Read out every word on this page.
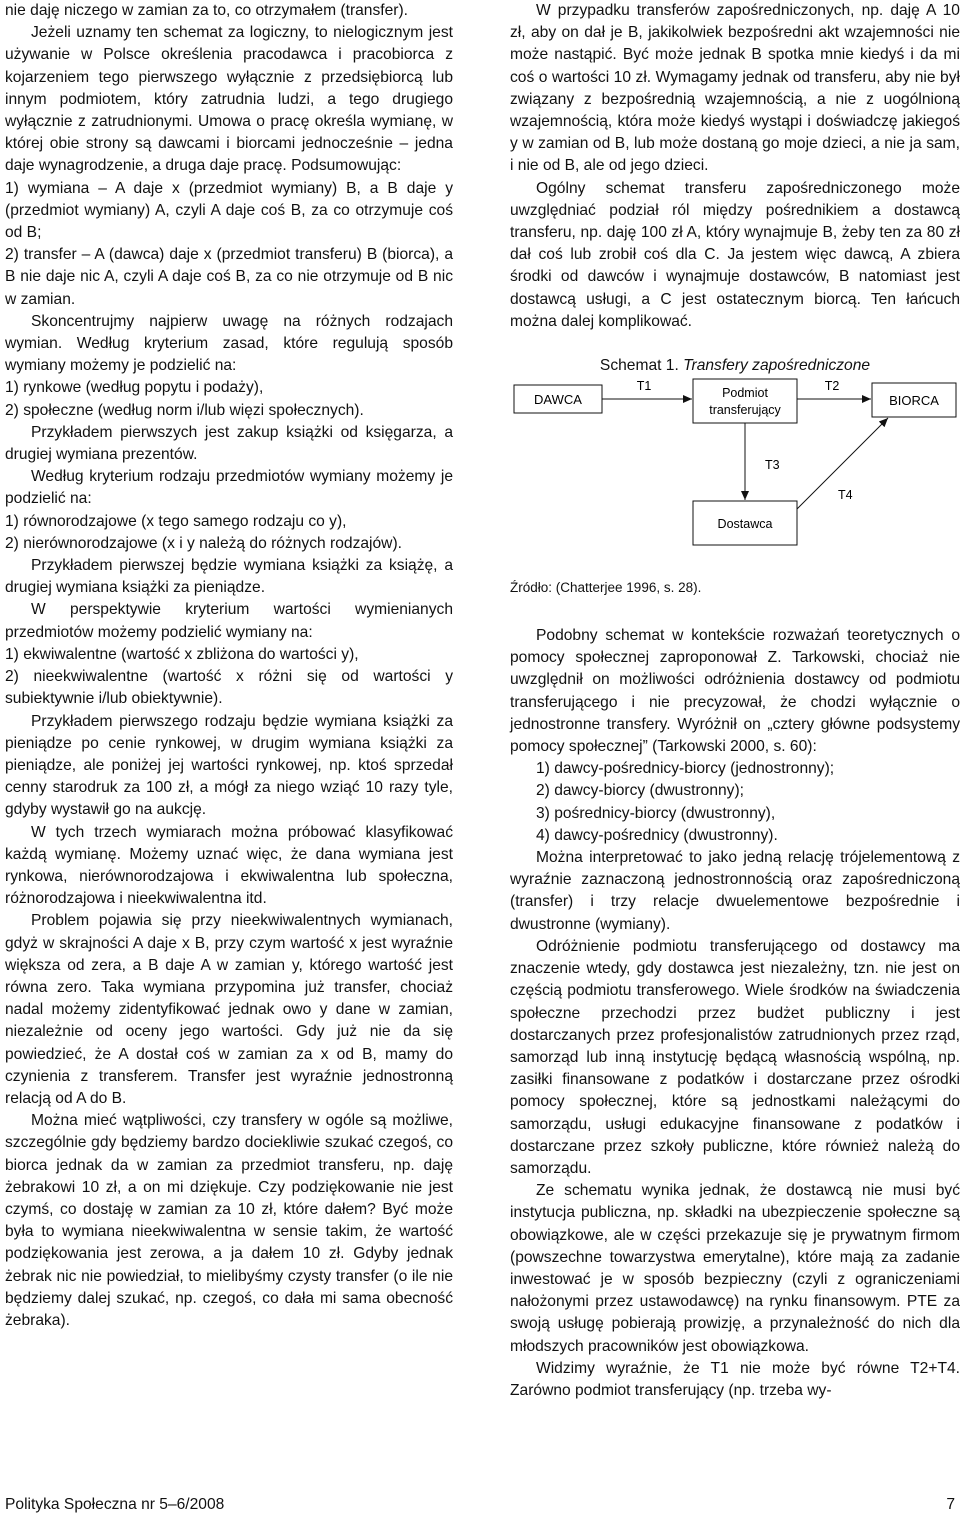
nie daję niczego w zamian za to, co otrzymałem (transfer).

Jeżeli uznamy ten schemat za logiczny, to nielogicznym jest używanie w Polsce określenia pracodawca i pracobiorca z kojarzeniem tego pierwszego wyłącznie z przedsiębiorcą lub innym podmiotem, który zatrudnia ludzi, a tego drugiego wyłącznie z zatrudnionymi. Umowa o pracę określa wymianę, w której obie strony są dawcami i biorcami jednocześnie – jedna daje wynagrodzenie, a druga daje pracę. Podsumowując:

1) wymiana – A daje x (przedmiot wymiany) B, a B daje y (przedmiot wymiany) A, czyli A daje coś B, za co otrzymuje coś od B;

2) transfer – A (dawca) daje x (przedmiot transferu) B (biorca), a B nie daje nic A, czyli A daje coś B, za co nie otrzymuje od B nic w zamian.

Skoncentrujmy najpierw uwagę na różnych rodzajach wymian. Według kryterium zasad, które regulują sposób wymiany możemy je podzielić na:

1) rynkowe (według popytu i podaży),

2) społeczne (według norm i/lub więzi społecznych).

Przykładem pierwszych jest zakup książki od księgarza, a drugiej wymiana prezentów.

Według kryterium rodzaju przedmiotów wymiany możemy je podzielić na:

1) równorodzajowe (x tego samego rodzaju co y),

2) nierównorodzajowe (x i y należą do różnych rodzajów).

Przykładem pierwszej będzie wymiana książki za książę, a drugiej wymiana książki za pieniądze.

W perspektywie kryterium wartości wymienianych przedmiotów możemy podzielić wymiany na:

1) ekwiwalentne (wartość x zbliżona do wartości y),

2) nieekwiwalentne (wartość x różni się od wartości y subiektywnie i/lub obiektywnie).

Przykładem pierwszego rodzaju będzie wymiana książki za pieniądze po cenie rynkowej, w drugim wymiana książki za pieniądze, ale poniżej jej wartości rynkowej, np. ktoś sprzedał cenny starodruk za 100 zł, a mógł za niego wziąć 10 razy tyle, gdyby wystawił go na aukcję.

W tych trzech wymiarach można próbować klasyfikować każdą wymianę. Możemy uznać więc, że dana wymiana jest rynkowa, nierównorodzajowa i ekwiwalentna lub społeczna, różnorodzajowa i nieekwiwalentna itd.

Problem pojawia się przy nieekwiwalentnych wymianach, gdyż w skrajności A daje x B, przy czym wartość x jest wyraźnie większa od zera, a B daje A w zamian y, którego wartość jest równa zero. Taka wymiana przypomina już transfer, chociaż nadal możemy zidentyfikować jednak owo y dane w zamian, niezależnie od oceny jego wartości. Gdy już nie da się powiedzieć, że A dostał coś w zamian za x od B, mamy do czynienia z transferem. Transfer jest wyraźnie jednostronną relacją od A do B.

Można mieć wątpliwości, czy transfery w ogóle są możliwe, szczególnie gdy będziemy bardzo dociekliwie szukać czegoś, co biorca jednak da w zamian za przedmiot transferu, np. daję żebrakowi 10 zł, a on mi dziękuje. Czy podziękowanie nie jest czymś, co dostaję w zamian za 10 zł, które dałem? Być może była to wymiana nieekwiwalentna w sensie takim, że wartość podziękowania jest zerowa, a ja dałem 10 zł. Gdyby jednak żebrak nic nie powiedział, to mielibyśmy czysty transfer (o ile nie będziemy dalej szukać, np. czegoś, co dała mi sama obecność żebraka).

W przypadku transferów zapośredniczonych, np. daję A 10 zł, aby on dał je B, jakikolwiek bezpośredni akt wzajemności nie może nastąpić. Być może jednak B spotka mnie kiedyś i da mi coś o wartości 10 zł. Wymagamy jednak od transferu, aby nie był związany z bezpośrednią wzajemnością, a nie z uogólnioną wzajemnością, która może kiedyś wystąpi i doświadczę jakiegoś y w zamian od B, lub może dostaną go moje dzieci, a nie ja sam, i nie od B, ale od jego dzieci.

Ogólny schemat transferu zapośredniczonego może uwzględniać podział ról między pośrednikiem a dostawcą transferu, np. daję 100 zł A, który wynajmuje B, żeby ten za 80 zł dał coś lub zrobił coś dla C. Ja jestem więc dawcą, A zbiera środki od dawców i wynajmuje dostawców, B natomiast jest dostawcą usługi, a C jest ostatecznym biorcą. Ten łańcuch można dalej komplikować.

Schemat 1. Transfery zapośredniczone
DAWCA	Podmiot
transferujący
BIORCA
Dostawca
T1	T2
T3
T4
Źródło: (Chatterjee 1996, s. 28).

Podobny schemat w kontekście rozważań teoretycznych o pomocy społecznej zaproponował Z. Tarkowski, chociaż nie uwzględnił on możliwości odróżnienia dostawcy od podmiotu transferującego i nie precyzował, że chodzi wyłącznie o jednostronne transfery. Wyróżnił on „cztery główne podsystemy pomocy społecznej” (Tarkowski 2000, s. 60):

1) dawcy-pośrednicy-biorcy (jednostronny);

2) dawcy-biorcy (dwustronny);

3) pośrednicy-biorcy (dwustronny),

4) dawcy-pośrednicy (dwustronny).

Można interpretować to jako jedną relację trójelementową z wyraźnie zaznaczoną jednostronnością oraz zapośredniczoną (transfer) i trzy relacje dwuelementowe bezpośrednie i dwustronne (wymiany).

Odróżnienie podmiotu transferującego od dostawcy ma znaczenie wtedy, gdy dostawca jest niezależny, tzn. nie jest on częścią podmiotu transferowego. Wiele środków na świadczenia społeczne przechodzi przez budżet publiczny i jest dostarczanych przez profesjonalistów zatrudnionych przez rząd, samorząd lub inną instytucję będącą własnością wspólną, np. zasiłki finansowane z podatków i dostarczane przez ośrodki pomocy społecznej, które są jednostkami należącymi do samorządu, usługi edukacyjne finansowane z podatków i dostarczane przez szkoły publiczne, które również należą do samorządu.

Ze schematu wynika jednak, że dostawcą nie musi być instytucja publiczna, np. składki na ubezpieczenie społeczne są obowiązkowe, ale w części przekazuje się je prywatnym firmom (powszechne towarzystwa emerytalne), które mają za zadanie inwestować je w sposób bezpieczny (czyli z ograniczeniami nałożonymi przez ustawodawcę) na rynku finansowym. PTE za swoją usługę pobierają prowizję, a przynależność do nich dla młodszych pracowników jest obowiązkowa.

Widzimy wyraźnie, że T1 nie może być równe T2+T4. Zarówno podmiot transferujący (np. trzeba wy-

Polityka Społeczna nr 5–6/2008	7
